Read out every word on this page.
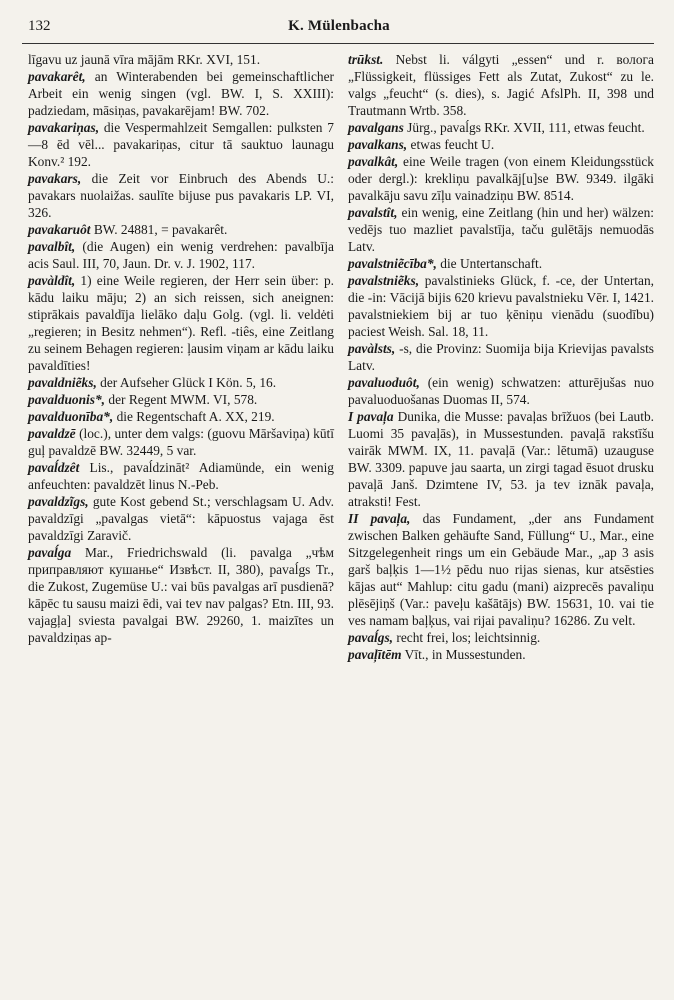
132	K. Mülenbacha

līgavu uz jaunā vīra mājām RKr. XVI, 151.

pavakarêt, an Winterabenden bei gemeinschaftlicher Arbeit ein wenig singen (vgl. BW. I, S. XXIII): padziedam, māsiņas, pavakarējam! BW. 702.

pavakariņas, die Vespermahlzeit Semgallen: pulksten 7—8 ēd vēl... pavakariņas, citur tā sauktuo launagu Konv.² 192.

pavakars, die Zeit vor Einbruch des Abends U.: pavakars nuolaižas. saulīte bijuse pus pavakaris LP. VI, 326.

pavakaruôt BW. 24881, = pavakarêt.

pavalbît, (die Augen) ein wenig verdrehen: pavalbīja acis Saul. III, 70, Jaun. Dr. v. J. 1902, 117.

pavàldît, 1) eine Weile regieren, der Herr sein über: p. kādu laiku māju; 2) an sich reissen, sich aneignen: stiprākais pavaldīja lielāko daļu Golg. (vgl. li. veldėti „regieren; in Besitz nehmen“). Refl. -tiês, eine Zeitlang zu seinem Behagen regieren: ļausim viņam ar kādu laiku pavaldīties!

pavaldniẽks, der Aufseher Glück I Kön. 5, 16.

pavalduonis*, der Regent MWM. VI, 578.

pavalduonība*, die Regentschaft A. XX, 219.

pavaldzē (loc.), unter dem valgs: (guovu Māršaviņa) kūtī guļ pavaldzē BW. 32449, 5 var.

pavaĺdzêt Lis., pavaĺdzināt² Adiamünde, ein wenig anfeuchten: pavaldzēt linus N.-Peb.

pavaldzĩgs, gute Kost gebend St.; verschlagsam U. Adv. pavaldzīgi „pavalgas vietā“: kāpuostus vajaga ēst pavaldzīgi Zaravič.

pavaĺga Mar., Friedrichswald (li. pavalga „чѣм приправляют кушанье“ Извѣст. II, 380), pavaĺgs Tr., die Zukost, Zugemüse U.: vai būs pavalgas arī pusdienā? kāpēc tu sausu maizi ēdi, vai tev nav palgas? Etn. III, 93. vajagļa] sviesta pavalgai BW. 29260, 1. maizītes un pavaldziņas ap-

trūkst. Nebst li. válgyti „essen“ und r. волога „Flüssigkeit, flüssiges Fett als Zutat, Zukost“ zu le. valgs „feucht“ (s. dies), s. Jagić AfslPh. II, 398 und Trautmann Wrtb. 358.

pavalgans Jürg., pavaĺgs RKr. XVII, 111, etwas feucht.

pavalkans, etwas feucht U.

pavalkât, eine Weile tragen (von einem Kleidungsstück oder dergl.): krekliņu pavalkāj[u]se BW. 9349. ilgāki pavalkāju savu zīļu vainadziņu BW. 8514.

pavalstît, ein wenig, eine Zeitlang (hin und her) wälzen: vedējs tuo mazliet pavalstīja, taču gulētājs nemuodās Latv.

pavalstniẽcība*, die Untertanschaft.

pavalstniẽks, pavalstinieks Glück, f. -ce, der Untertan, die -in: Vācijā bijis 620 krievu pavalstnieku Vēr. I, 1421. pavalstniekiem bij ar tuo ķēniņu vienādu (suodību) paciest Weish. Sal. 18, 11.

pavàlsts, -s, die Provinz: Suomija bija Krievijas pavalsts Latv.

pavaluoduôt, (ein wenig) schwatzen: atturējušas nuo pavaluoduošanas Duomas II, 574.

I pavaļa Dunika, die Musse: pavaļas brīžuos (bei Lautb. Luomi 35 pavaļās), in Mussestunden. pavaļā rakstīšu vairāk MWM. IX, 11. pavaļā (Var.: lētumā) uzauguse BW. 3309. papuve jau saarta, un zirgi tagad ēsuot drusku pavaļā Janš. Dzimtene IV, 53. ja tev iznāk pavaļa, atraksti! Fest.

II pavaļa, das Fundament, „der ans Fundament zwischen Balken gehäufte Sand, Füllung“ U., Mar., eine Sitzgelegenheit rings um ein Gebäude Mar., „ap 3 asis garš baļķis 1—1½ pēdu nuo rijas sienas, kur atsēsties kājas aut“ Mahlup: citu gadu (mani) aizprecēs pavaliņu plēsējiņš (Var.: paveļu kašātājs) BW. 15631, 10. vai tie ves namam baļķus, vai rijai pavaliņu? 16286. Zu velt.

pavaĺgs, recht frei, los; leichtsinnig.

pavaļītēm Vīt., in Mussestunden.
